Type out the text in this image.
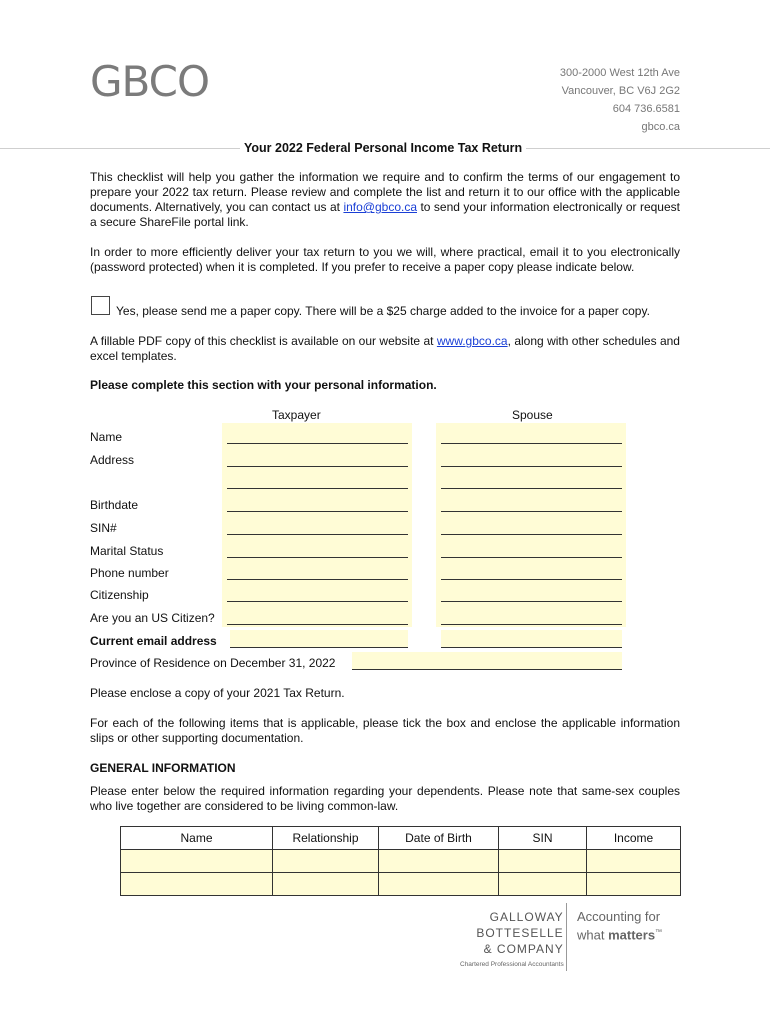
GBCO	300-2000 West 12th Ave
Vancouver, BC V6J 2G2
604 736.6581
gbco.ca
Your 2022 Federal Personal Income Tax Return
This checklist will help you gather the information we require and to confirm the terms of our engagement to prepare your 2022 tax return. Please review and complete the list and return it to our office with the applicable documents. Alternatively, you can contact us at info@gbco.ca to send your information electronically or request a secure ShareFile portal link.
In order to more efficiently deliver your tax return to you we will, where practical, email it to you electronically (password protected) when it is completed. If you prefer to receive a paper copy please indicate below.
Yes, please send me a paper copy. There will be a $25 charge added to the invoice for a paper copy.
A fillable PDF copy of this checklist is available on our website at www.gbco.ca, along with other schedules and excel templates.
Please complete this section with your personal information.
Taxpayer	Spouse
Name
Address
Birthdate
SIN#
Marital Status
Phone number
Citizenship
Are you an US Citizen?
Current email address
Province of Residence on December 31, 2022
Please enclose a copy of your 2021 Tax Return.
For each of the following items that is applicable, please tick the box and enclose the applicable information slips or other supporting documentation.
GENERAL INFORMATION
Please enter below the required information regarding your dependents. Please note that same-sex couples who live together are considered to be living common-law.
Name	Relationship	Date of Birth	SIN	Income

GALLOWAY
BOTTESELLE
& COMPANY
Chartered Professional Accountants
Accounting for
what matters™
